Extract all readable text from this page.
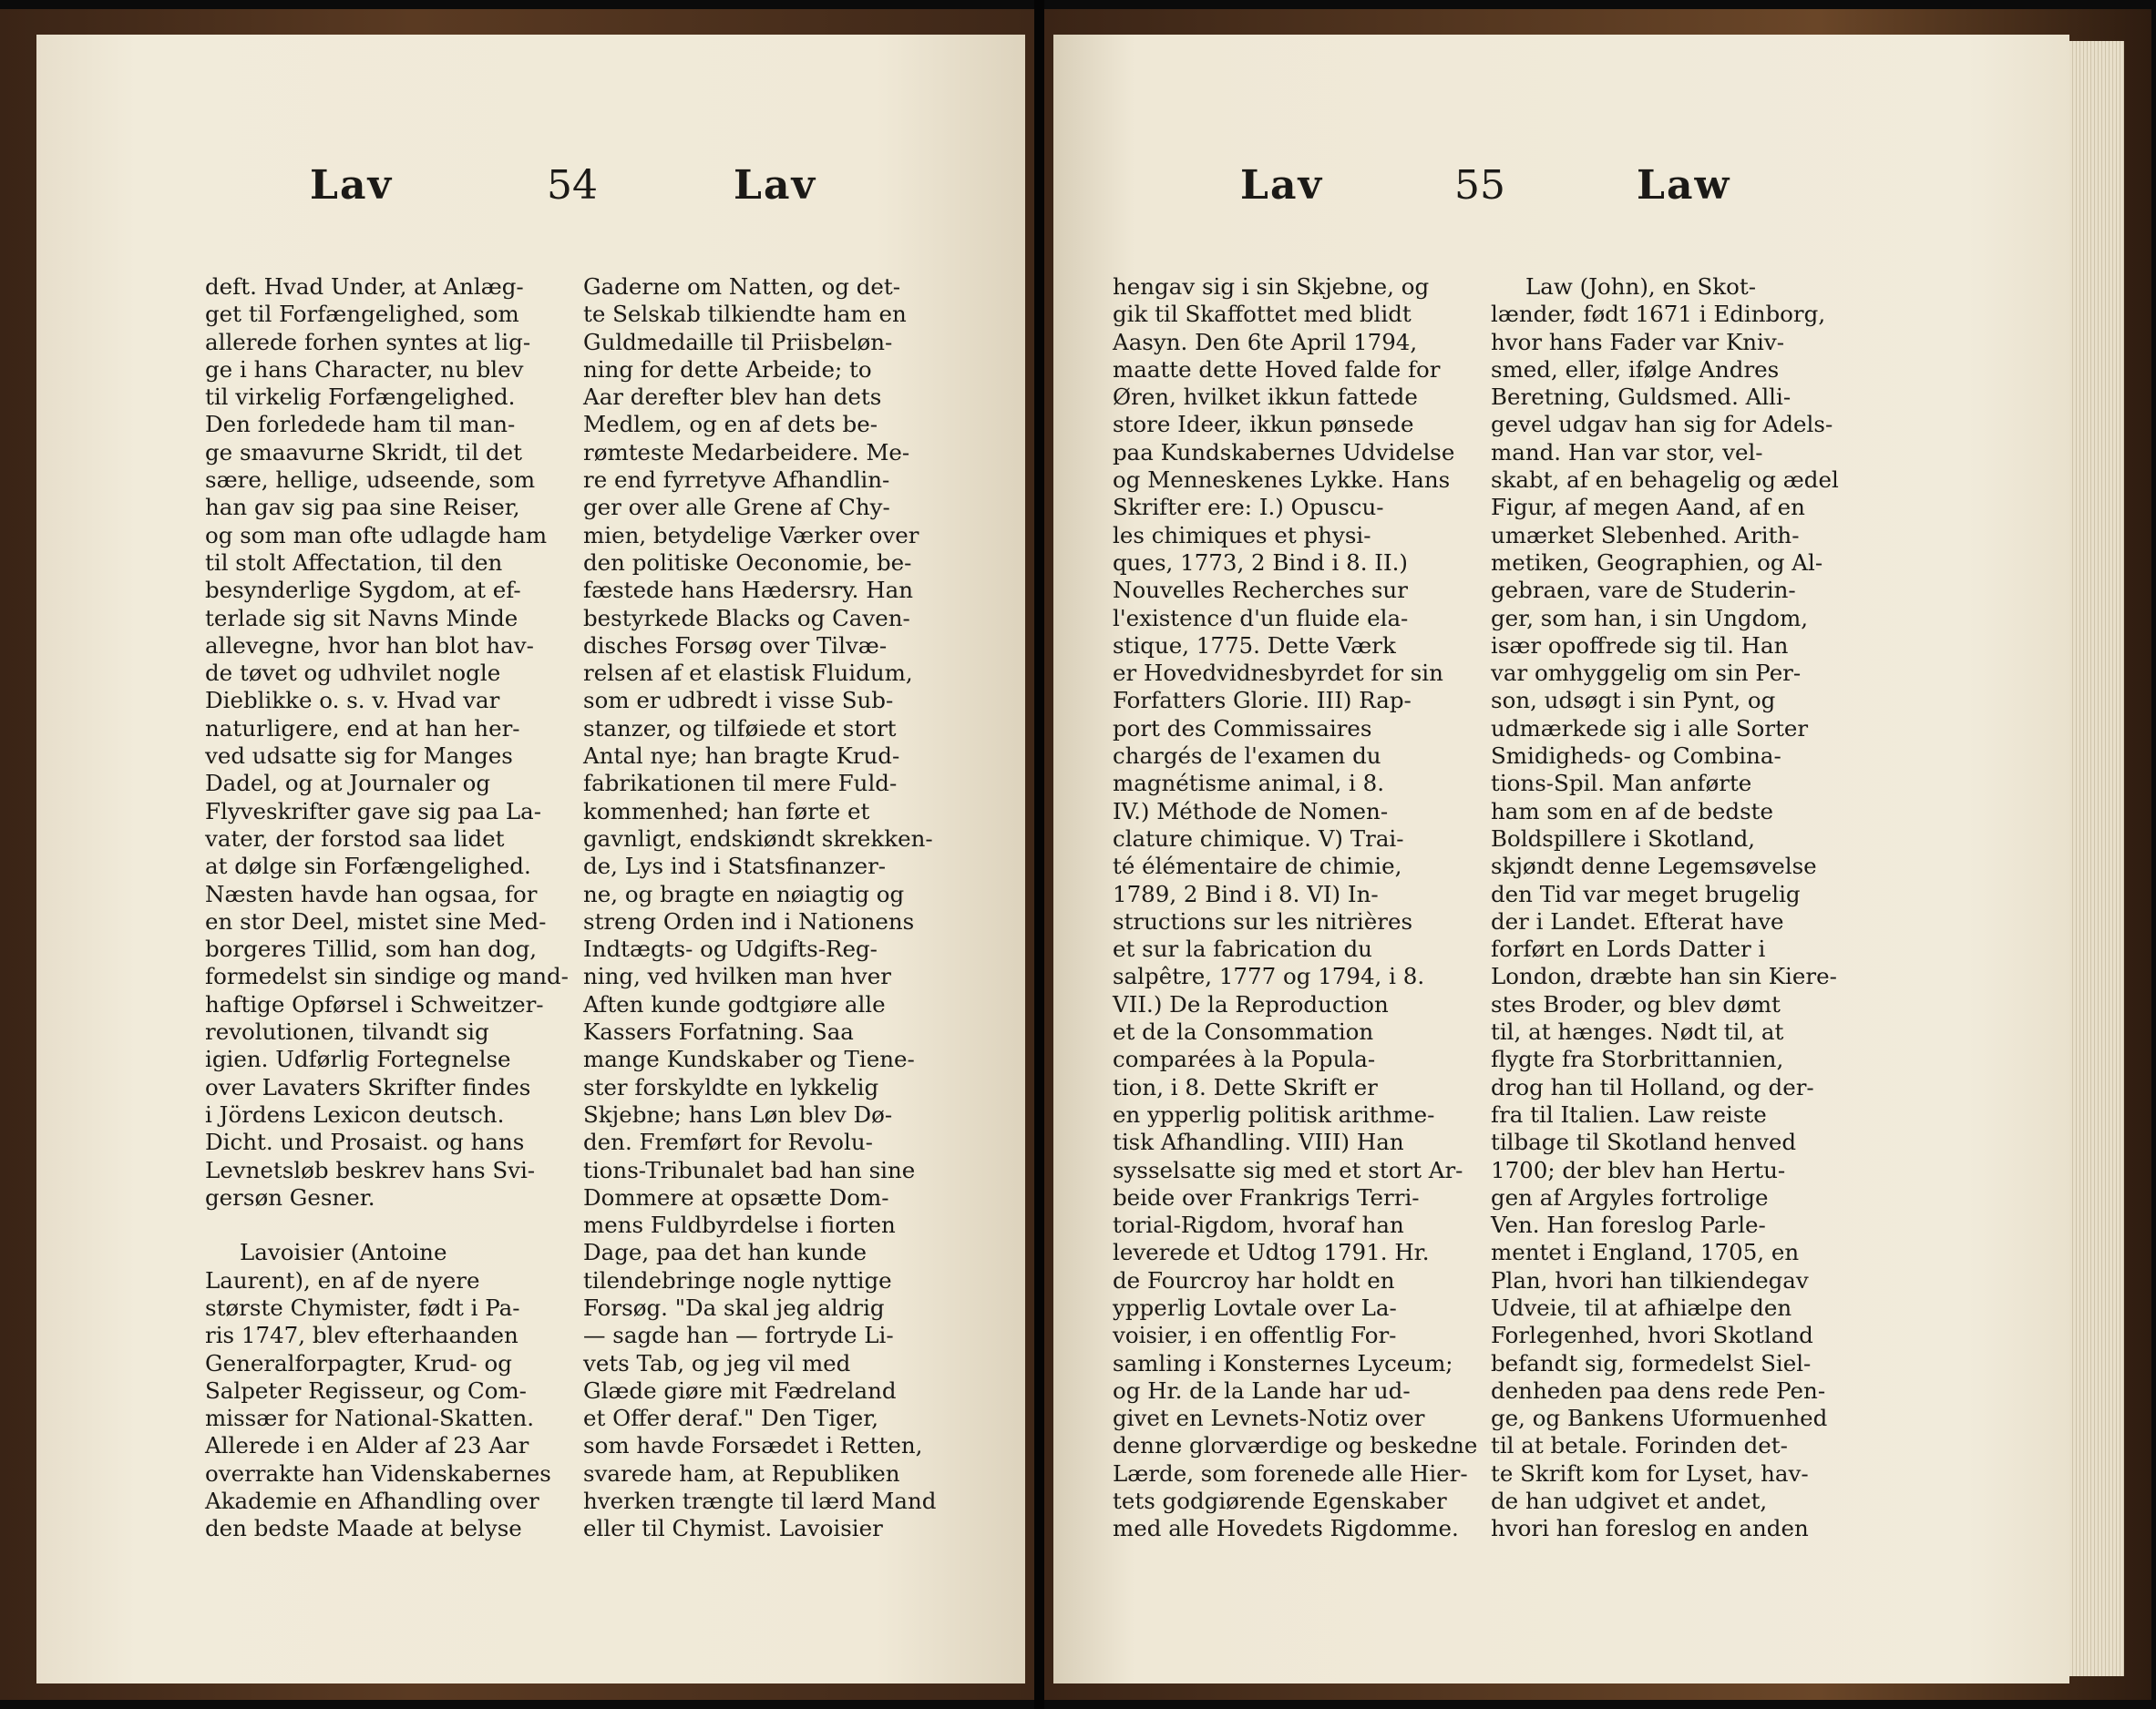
Lav	54	Lav
deft. Hvad Under, at Anlæg-
get til Forfængelighed, som
allerede forhen syntes at lig-
ge i hans Character, nu blev
til virkelig Forfængelighed.
Den forledede ham til man-
ge smaavurne Skridt, til det
sære, hellige, udseende, som
han gav sig paa sine Reiser,
og som man ofte udlagde ham
til stolt Affectation, til den
besynderlige Sygdom, at ef-
terlade sig sit Navns Minde
allevegne, hvor han blot hav-
de tøvet og udhvilet nogle
Dieblikke o. s. v. Hvad var
naturligere, end at han her-
ved udsatte sig for Manges
Dadel, og at Journaler og
Flyveskrifter gave sig paa La-
vater, der forstod saa lidet
at dølge sin Forfængelighed.
Næsten havde han ogsaa, for
en stor Deel, mistet sine Med-
borgeres Tillid, som han dog,
formedelst sin sindige og mand-
haftige Opførsel i Schweitzer-
revolutionen, tilvandt sig
igien. Udførlig Fortegnelse
over Lavaters Skrifter findes
i Jördens Lexicon deutsch.
Dicht. und Prosaist. og hans
Levnetsløb beskrev hans Svi-
gersøn Gesner.
Lavoisier (Antoine
Laurent), en af de nyere
største Chymister, født i Pa-
ris 1747, blev efterhaanden
Generalforpagter, Krud- og
Salpeter Regisseur, og Com-
missær for National-Skatten.
Allerede i en Alder af 23 Aar
overrakte han Videnskabernes
Akademie en Afhandling over
den bedste Maade at belyse
Gaderne om Natten, og det-
te Selskab tilkiendte ham en
Guldmedaille til Priisbeløn-
ning for dette Arbeide; to
Aar derefter blev han dets
Medlem, og en af dets be-
rømteste Medarbeidere. Me-
re end fyrretyve Afhandlin-
ger over alle Grene af Chy-
mien, betydelige Værker over
den politiske Oeconomie, be-
fæstede hans Hædersry. Han
bestyrkede Blacks og Caven-
disches Forsøg over Tilvæ-
relsen af et elastisk Fluidum,
som er udbredt i visse Sub-
stanzer, og tilføiede et stort
Antal nye; han bragte Krud-
fabrikationen til mere Fuld-
kommenhed; han førte et
gavnligt, endskiøndt skrekken-
de, Lys ind i Statsfinanzer-
ne, og bragte en nøiagtig og
streng Orden ind i Nationens
Indtægts- og Udgifts-Reg-
ning, ved hvilken man hver
Aften kunde godtgiøre alle
Kassers Forfatning. Saa
mange Kundskaber og Tiene-
ster forskyldte en lykkelig
Skjebne; hans Løn blev Dø-
den. Fremført for Revolu-
tions-Tribunalet bad han sine
Dommere at opsætte Dom-
mens Fuldbyrdelse i fiorten
Dage, paa det han kunde
tilendebringe nogle nyttige
Forsøg. "Da skal jeg aldrig
— sagde han — fortryde Li-
vets Tab, og jeg vil med
Glæde giøre mit Fædreland
et Offer deraf." Den Tiger,
som havde Forsædet i Retten,
svarede ham, at Republiken
hverken trængte til lærd Mand
eller til Chymist. Lavoisier
Lav	55	Law
hengav sig i sin Skjebne, og
gik til Skaffottet med blidt
Aasyn. Den 6te April 1794,
maatte dette Hoved falde for
Øren, hvilket ikkun fattede
store Ideer, ikkun pønsede
paa Kundskabernes Udvidelse
og Menneskenes Lykke. Hans
Skrifter ere: I.) Opuscu-
les chimiques et physi-
ques, 1773, 2 Bind i 8. II.)
Nouvelles Recherches sur
l'existence d'un fluide ela-
stique, 1775. Dette Værk
er Hovedvidnesbyrdet for sin
Forfatters Glorie. III) Rap-
port des Commissaires
chargés de l'examen du
magnétisme animal, i 8.
IV.) Méthode de Nomen-
clature chimique. V) Trai-
té élémentaire de chimie,
1789, 2 Bind i 8. VI) In-
structions sur les nitrières
et sur la fabrication du
salpêtre, 1777 og 1794, i 8.
VII.) De la Reproduction
et de la Consommation
comparées à la Popula-
tion, i 8. Dette Skrift er
en ypperlig politisk arithme-
tisk Afhandling. VIII) Han
sysselsatte sig med et stort Ar-
beide over Frankrigs Terri-
torial-Rigdom, hvoraf han
leverede et Udtog 1791. Hr.
de Fourcroy har holdt en
ypperlig Lovtale over La-
voisier, i en offentlig For-
samling i Konsternes Lyceum;
og Hr. de la Lande har ud-
givet en Levnets-Notiz over
denne glorværdige og beskedne
Lærde, som forenede alle Hier-
tets godgiørende Egenskaber
med alle Hovedets Rigdomme.
Law (John), en Skot-
lænder, født 1671 i Edinborg,
hvor hans Fader var Kniv-
smed, eller, ifølge Andres
Beretning, Guldsmed. Alli-
gevel udgav han sig for Adels-
mand. Han var stor, vel-
skabt, af en behagelig og ædel
Figur, af megen Aand, af en
umærket Slebenhed. Arith-
metiken, Geographien, og Al-
gebraen, vare de Studerin-
ger, som han, i sin Ungdom,
især opoffrede sig til. Han
var omhyggelig om sin Per-
son, udsøgt i sin Pynt, og
udmærkede sig i alle Sorter
Smidigheds- og Combina-
tions-Spil. Man anførte
ham som en af de bedste
Boldspillere i Skotland,
skjøndt denne Legemsøvelse
den Tid var meget brugelig
der i Landet. Efterat have
forført en Lords Datter i
London, dræbte han sin Kiere-
stes Broder, og blev dømt
til, at hænges. Nødt til, at
flygte fra Storbrittannien,
drog han til Holland, og der-
fra til Italien. Law reiste
tilbage til Skotland henved
1700; der blev han Hertu-
gen af Argyles fortrolige
Ven. Han foreslog Parle-
mentet i England, 1705, en
Plan, hvori han tilkiendegav
Udveie, til at afhiælpe den
Forlegenhed, hvori Skotland
befandt sig, formedelst Siel-
denheden paa dens rede Pen-
ge, og Bankens Uformuenhed
til at betale. Forinden det-
te Skrift kom for Lyset, hav-
de han udgivet et andet,
hvori han foreslog en anden
